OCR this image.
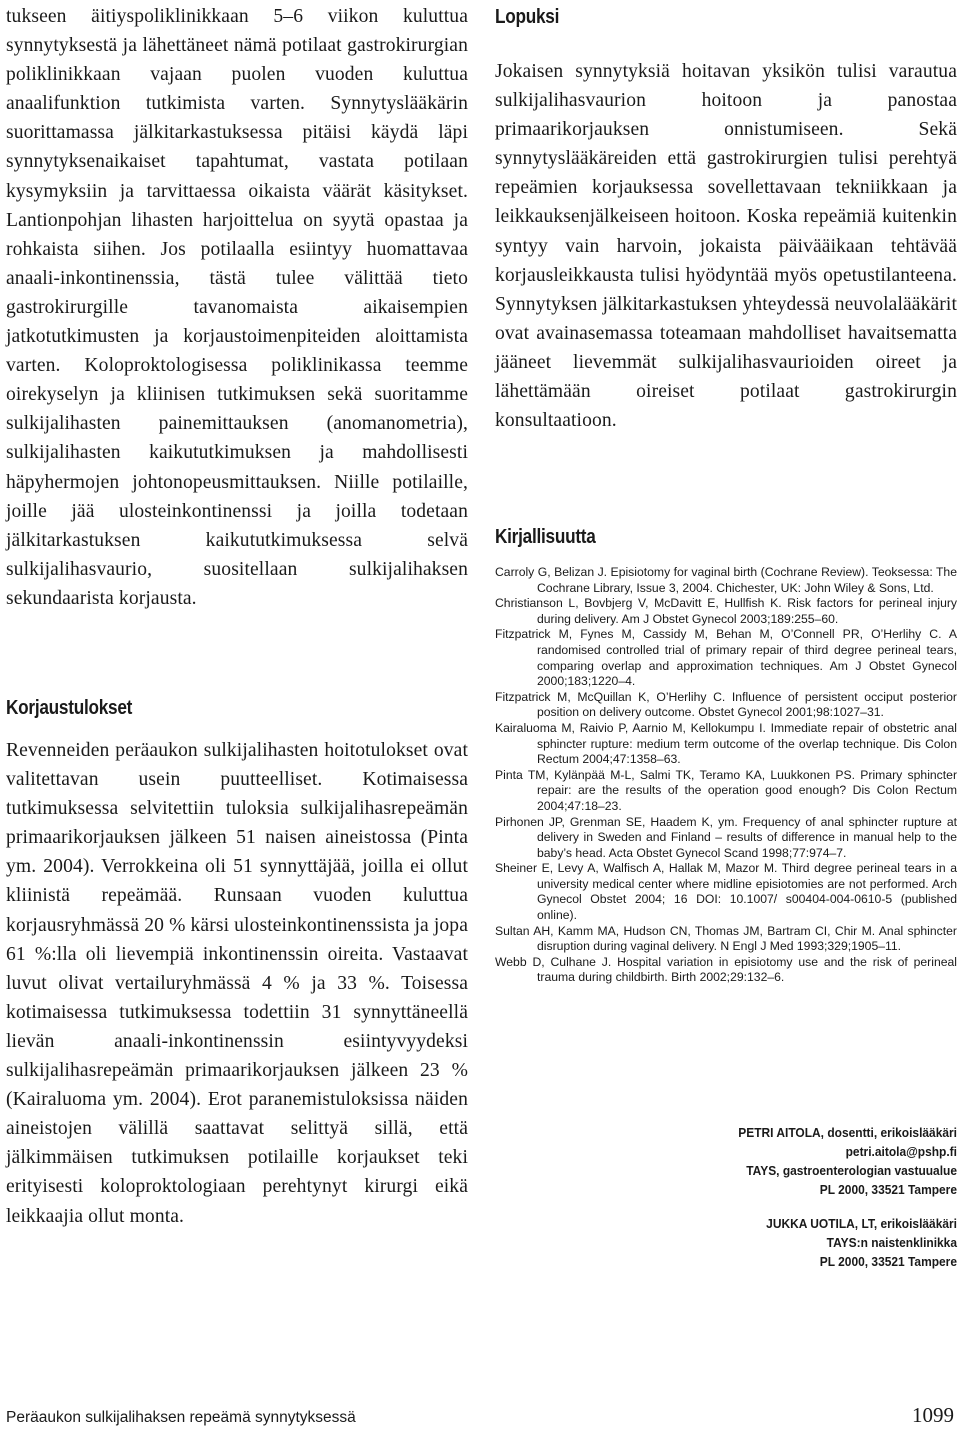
tukseen äitiyspoliklinikkaan 5–6 viikon kuluttua synnytyksestä ja lähettäneet nämä potilaat gastrokirurgian poliklinikkaan vajaan puolen vuoden kuluttua anaalifunktion tutkimista varten. Synnytyslääkärin suorittamassa jälkitarkastuksessa pitäisi käydä läpi synnytyksenaikaiset tapahtumat, vastata potilaan kysymyksiin ja tarvittaessa oikaista väärät käsitykset. Lantionpohjan lihasten harjoittelua on syytä opastaa ja rohkaista siihen. Jos potilaalla esiintyy huomattavaa anaali-inkontinenssia, tästä tulee välittää tieto gastrokirurgille tavanomaista aikaisempien jatkotutkimusten ja korjaustoimenpiteiden aloittamista varten. Koloproktologisessa poliklinikassa teemme oirekyselyn ja kliinisen tutkimuksen sekä suoritamme sulkijalihasten painemittauksen (anomanometria), sulkijalihasten kaikututkimuksen ja mahdollisesti häpyhermojen johtonopeusmittauksen. Niille potilaille, joille jää ulosteinkontinenssi ja joilla todetaan jälkitarkastuksen kaikututkimuksessa selvä sulkijalihasvaurio, suositellaan sulkijalihaksen sekundaarista korjausta.

Korjaustulokset

Revenneiden peräaukon sulkijalihasten hoitotulokset ovat valitettavan usein puutteelliset. Kotimaisessa tutkimuksessa selvitettiin tuloksia sulkijalihasrepeämän primaarikorjauksen jälkeen 51 naisen aineistossa (Pinta ym. 2004). Verrokkeina oli 51 synnyttäjää, joilla ei ollut kliinistä repeämää. Runsaan vuoden kuluttua korjausryhmässä 20 % kärsi ulosteinkontinenssista ja jopa 61 %:lla oli lievempiä inkontinenssin oireita. Vastaavat luvut olivat vertailuryhmässä 4 % ja 33 %. Toisessa kotimaisessa tutkimuksessa todettiin 31 synnyttäneellä lievän anaali-inkontinenssin esiintyvyydeksi sulkijalihasrepeämän primaarikorjauksen jälkeen 23 % (Kairaluoma ym. 2004). Erot paranemistuloksissa näiden aineistojen välillä saattavat selittyä sillä, että jälkimmäisen tutkimuksen potilaille korjaukset teki erityisesti koloproktologiaan perehtynyt kirurgi eikä leikkaajia ollut monta.

Lopuksi

Jokaisen synnytyksiä hoitavan yksikön tulisi varautua sulkijalihasvaurion hoitoon ja panostaa primaarikorjauksen onnistumiseen. Sekä synnytyslääkäreiden että gastrokirurgien tulisi perehtyä repeämien korjauksessa sovellettavaan tekniikkaan ja leikkauksenjälkeiseen hoitoon. Koska repeämiä kuitenkin syntyy vain harvoin, jokaista päivääikaan tehtävää korjausleikkausta tulisi hyödyntää myös opetustilanteena. Synnytyksen jälkitarkastuksen yhteydessä neuvolalääkärit ovat avainasemassa toteamaan mahdolliset havaitsematta jääneet lievemmät sulkijalihasvaurioiden oireet ja lähettämään oireiset potilaat gastrokirurgin konsultaatioon.

Kirjallisuutta
Carroly G, Belizan J. Episiotomy for vaginal birth (Cochrane Review). Teoksessa: The Cochrane Library, Issue 3, 2004. Chichester, UK: John Wiley & Sons, Ltd.
Christianson L, Bovbjerg V, McDavitt E, Hullfish K. Risk factors for perineal injury during delivery. Am J Obstet Gynecol 2003;189:255–60.
Fitzpatrick M, Fynes M, Cassidy M, Behan M, O’Connell PR, O’Herlihy C. A randomised controlled trial of primary repair of third degree perineal tears, comparing overlap and approximation techniques. Am J Obstet Gynecol 2000;183;1220–4.
Fitzpatrick M, McQuillan K, O’Herlihy C. Influence of persistent occiput posterior position on delivery outcome. Obstet Gynecol 2001;98:1027–31.
Kairaluoma M, Raivio P, Aarnio M, Kellokumpu I. Immediate repair of obstetric anal sphincter rupture: medium term outcome of the overlap technique. Dis Colon Rectum 2004;47:1358–63.
Pinta TM, Kylänpää M-L, Salmi TK, Teramo KA, Luukkonen PS. Primary sphincter repair: are the results of the operation good enough? Dis Colon Rectum 2004;47:18–23.
Pirhonen JP, Grenman SE, Haadem K, ym. Frequency of anal sphincter rupture at delivery in Sweden and Finland – results of difference in manual help to the baby’s head. Acta Obstet Gynecol Scand 1998;77:974–7.
Sheiner E, Levy A, Walfisch A, Hallak M, Mazor M. Third degree perineal tears in a university medical center where midline episiotomies are not performed. Arch Gynecol Obstet 2004; 16 DOI: 10.1007/ s00404-004-0610-5 (published online).
Sultan AH, Kamm MA, Hudson CN, Thomas JM, Bartram CI, Chir M. Anal sphincter disruption during vaginal delivery. N Engl J Med 1993;329;1905–11.
Webb D, Culhane J. Hospital variation in episiotomy use and the risk of perineal trauma during childbirth. Birth 2002;29:132–6.
PETRI AITOLA, dosentti, erikoislääkäri
petri.aitola@pshp.fi
TAYS, gastroenterologian vastuualue
PL 2000, 33521 Tampere
JUKKA UOTILA, LT, erikoislääkäri
TAYS:n naistenklinikka
PL 2000, 33521 Tampere
Peräaukon sulkijalihaksen repeämä synnytyksessä	1099
